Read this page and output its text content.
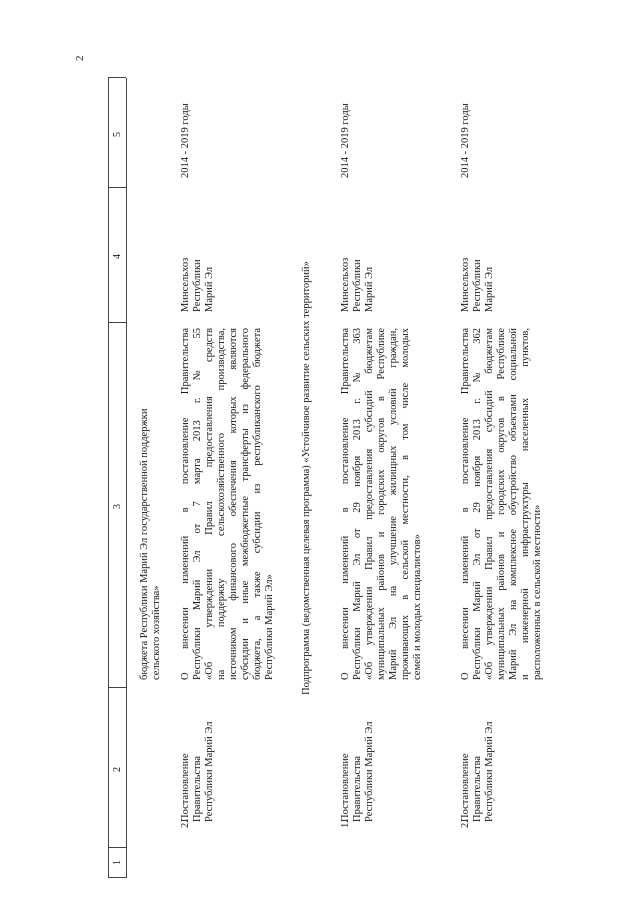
2
1
2
3
4
5
бюджета Республики Марий Эл государственной поддержки сельского хозяйства»
2.
Постановление Правительства Республики Марий Эл
О внесении изменений в постановление Правительства Республики Марий Эл от 7 марта 2013 г. № 55 «Об утверждении Правил предоставления средств на поддержку сельскохозяйственного производства, источником финансового обеспечения которых являются субсидии и иные межбюджетные трансферты из федерального бюджета, а также субсидии из республиканского бюджета Республики Марий Эл»
Минсельхоз Республики Марий Эл
2014 - 2019 годы
Подпрограмма (ведомственная целевая программа) «Устойчивое развитие сельских территорий»
1.
Постановление Правительства Республики Марий Эл
О внесении изменений в постановление Правительства Республики Марий Эл от 29 ноября 2013 г. № 363 «Об утверждении Правил предоставления субсидий бюджетам муниципальных районов и городских округов в Республике Марий Эл на улучшение жилищных условий граждан, проживающих в сельской местности, в том числе молодых семей и молодых специалистов»
Минсельхоз Республики Марий Эл
2014 - 2019 годы
2.
Постановление Правительства Республики Марий Эл
О внесении изменений в постановление Правительства Республики Марий Эл от 29 ноября 2013 г. № 362 «Об утверждении Правил предоставления субсидий бюджетам муниципальных районов и городских округов в Республике Марий Эл на комплексное обустройство объектами социальной и инженерной инфраструктуры населенных пунктов, расположенных в сельской местности»
Минсельхоз Республики Марий Эл
2014 - 2019 годы
